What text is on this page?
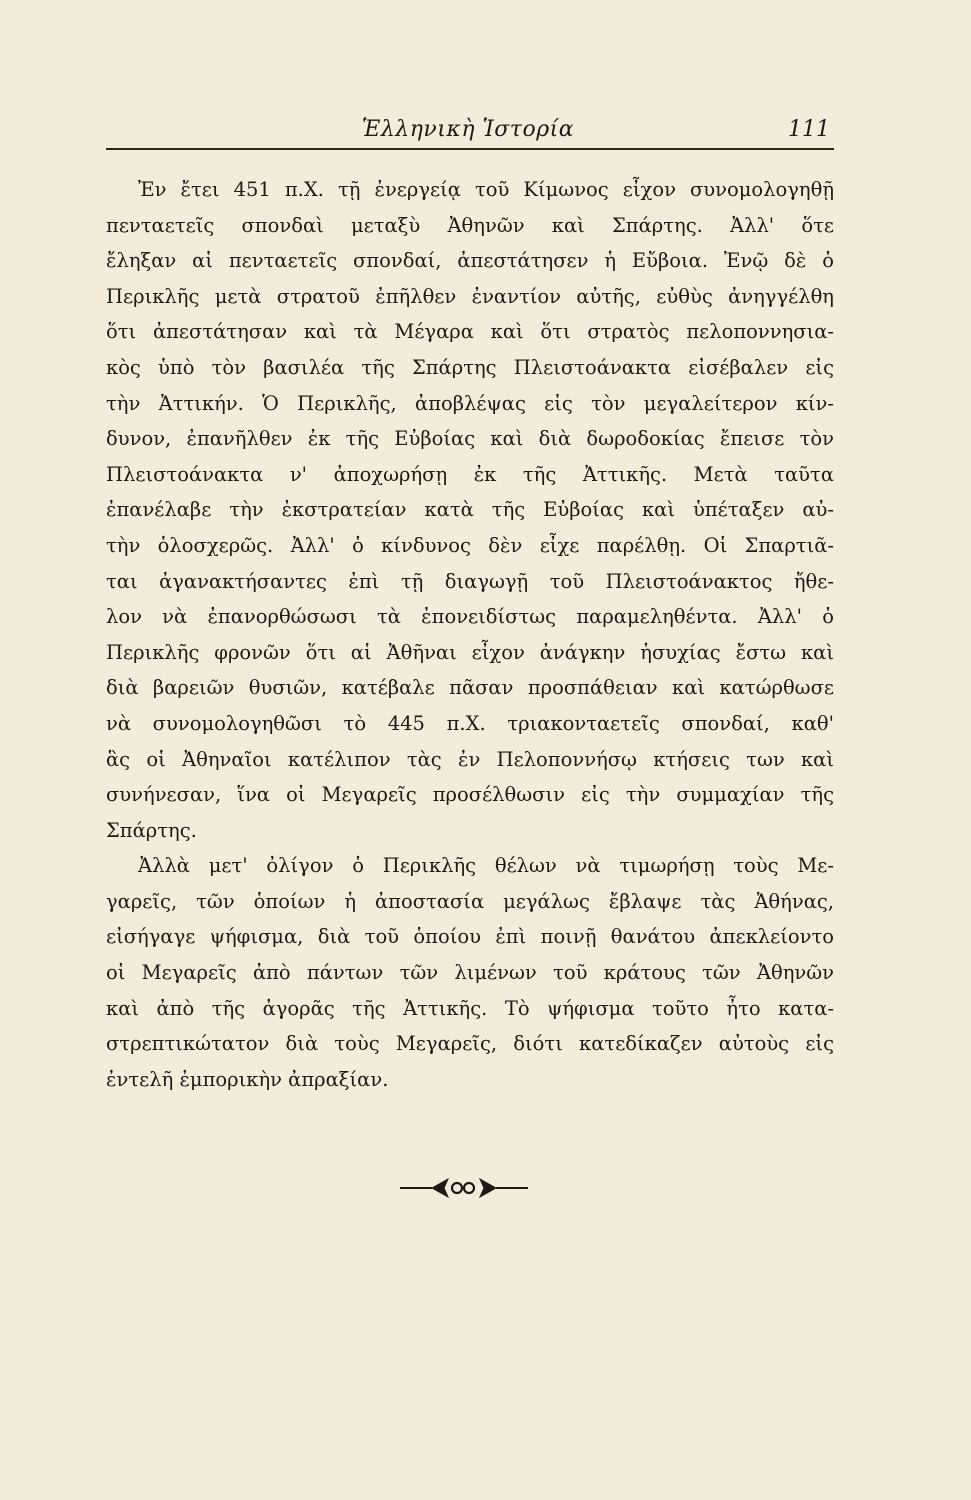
Ἑλληνικὴ Ἱστορία	111
Ἐν ἔτει 451 π.Χ. τῇ ἐνεργείᾳ τοῦ Κίμωνος εἶχον συνομολογηθῇ
πενταετεῖς σπονδαὶ μεταξὺ Ἀθηνῶν καὶ Σπάρτης. Ἀλλ' ὅτε
ἔληξαν αἱ πενταετεῖς σπονδαί, ἀπεστάτησεν ἡ Εὔβοια. Ἐνῷ δὲ ὁ
Περικλῆς μετὰ στρατοῦ ἐπῆλθεν ἐναντίον αὐτῆς, εὐθὺς ἀνηγγέλθη
ὅτι ἀπεστάτησαν καὶ τὰ Μέγαρα καὶ ὅτι στρατὸς πελοποννησια-
κὸς ὑπὸ τὸν βασιλέα τῆς Σπάρτης Πλειστοάνακτα εἰσέβαλεν εἰς
τὴν Ἀττικήν. Ὁ Περικλῆς, ἀποβλέψας εἰς τὸν μεγαλείτερον κίν-
δυνον, ἐπανῆλθεν ἐκ τῆς Εὐβοίας καὶ διὰ δωροδοκίας ἔπεισε τὸν
Πλειστοάνακτα ν' ἀποχωρήσῃ ἐκ τῆς Ἀττικῆς. Μετὰ ταῦτα
ἐπανέλαβε τὴν ἐκστρατείαν κατὰ τῆς Εὐβοίας καὶ ὑπέταξεν αὐ-
τὴν ὁλοσχερῶς. Ἀλλ' ὁ κίνδυνος δὲν εἶχε παρέλθῃ. Οἱ Σπαρτιᾶ-
ται ἀγανακτήσαντες ἐπὶ τῇ διαγωγῇ τοῦ Πλειστοάνακτος ἤθε-
λον νὰ ἐπανορθώσωσι τὰ ἐπονειδίστως παραμεληθέντα. Ἀλλ' ὁ
Περικλῆς φρονῶν ὅτι αἱ Ἀθῆναι εἶχον ἀνάγκην ἡσυχίας ἔστω καὶ
διὰ βαρειῶν θυσιῶν, κατέβαλε πᾶσαν προσπάθειαν καὶ κατώρθωσε
νὰ συνομολογηθῶσι τὸ 445 π.Χ. τριακονταετεῖς σπονδαί, καθ'
ἃς οἱ Ἀθηναῖοι κατέλιπον τὰς ἐν Πελοποννήσῳ κτήσεις των καὶ
συνήνεσαν, ἵνα οἱ Μεγαρεῖς προσέλθωσιν εἰς τὴν συμμαχίαν τῆς
Σπάρτης.
Ἀλλὰ μετ' ὀλίγον ὁ Περικλῆς θέλων νὰ τιμωρήσῃ τοὺς Με-
γαρεῖς, τῶν ὁποίων ἡ ἀποστασία μεγάλως ἔβλαψε τὰς Ἀθήνας,
εἰσήγαγε ψήφισμα, διὰ τοῦ ὁποίου ἐπὶ ποινῇ θανάτου ἀπεκλείοντο
οἱ Μεγαρεῖς ἀπὸ πάντων τῶν λιμένων τοῦ κράτους τῶν Ἀθηνῶν
καὶ ἀπὸ τῆς ἀγορᾶς τῆς Ἀττικῆς. Τὸ ψήφισμα τοῦτο ἦτο κατα-
στρεπτικώτατον διὰ τοὺς Μεγαρεῖς, διότι κατεδίκαζεν αὐτοὺς εἰς
ἐντελῆ ἐμπορικὴν ἀπραξίαν.
